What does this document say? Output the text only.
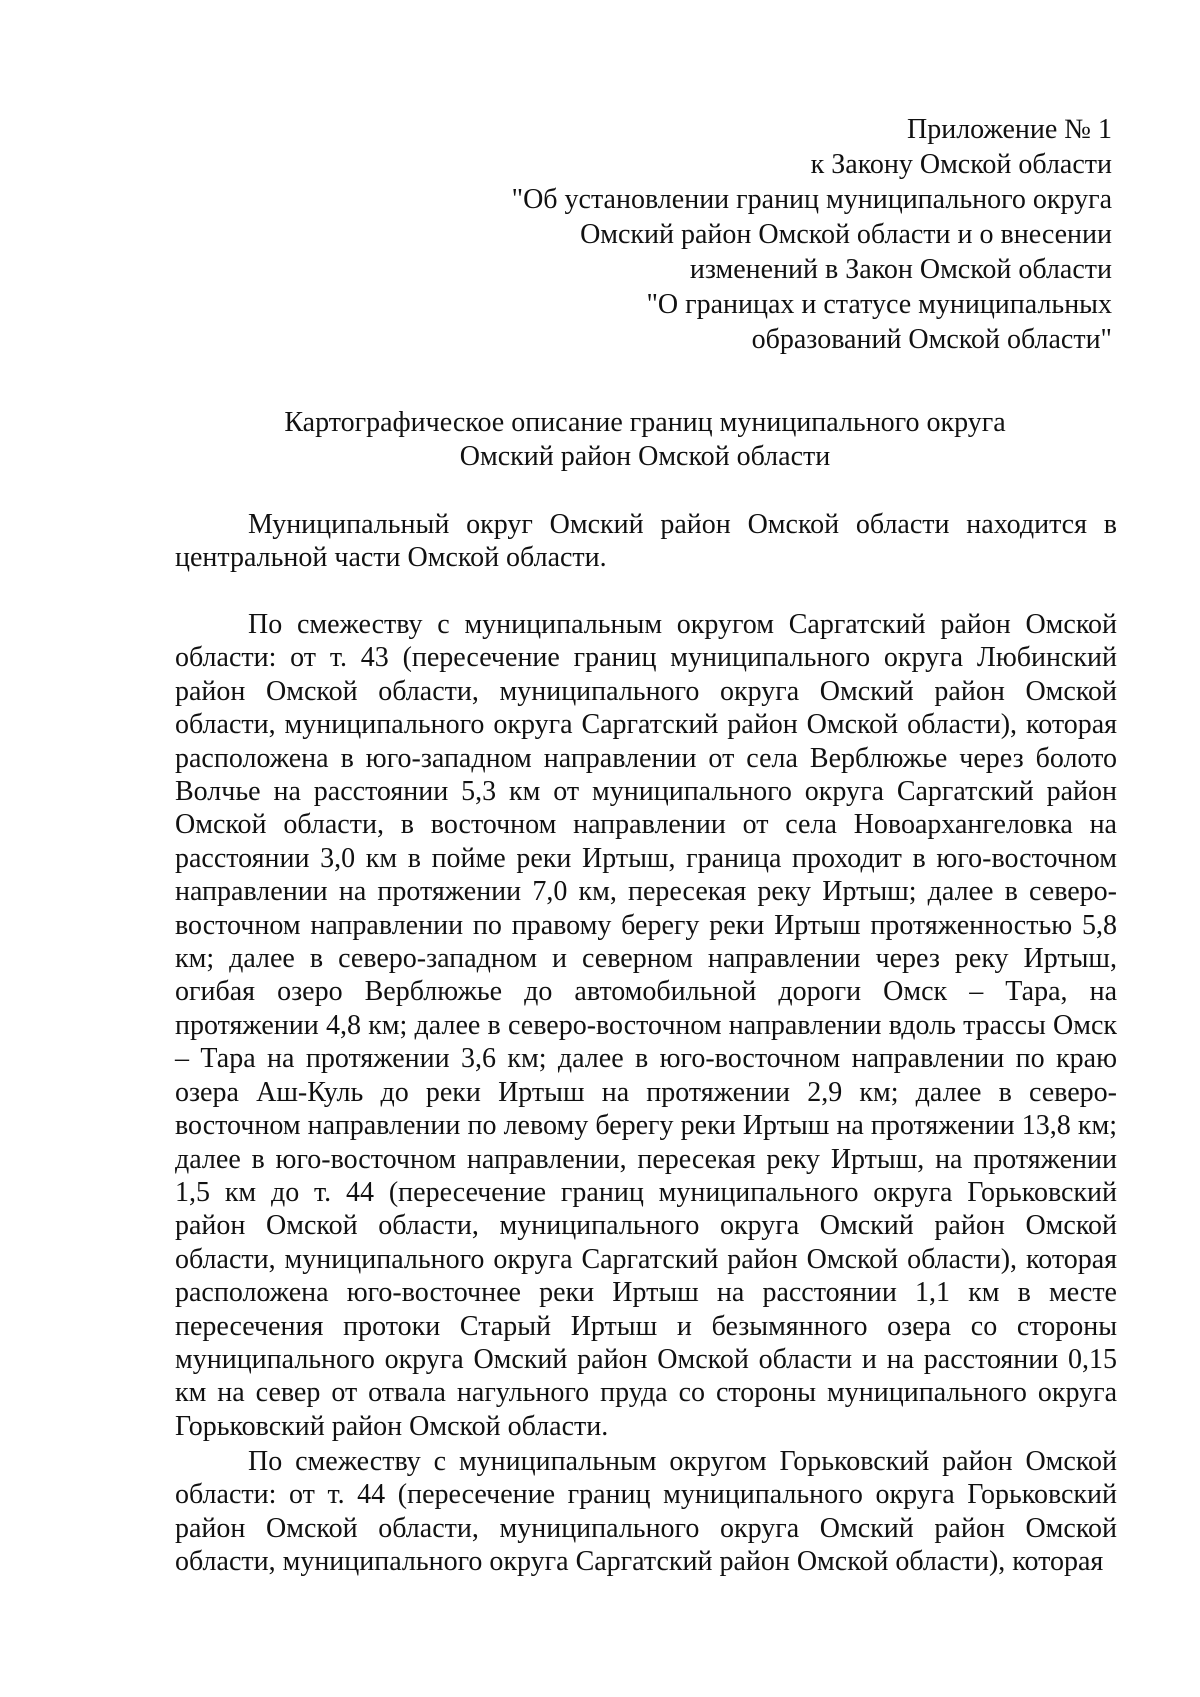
Приложение № 1
к Закону Омской области
"Об установлении границ муниципального округа
Омский район Омской области и о внесении
изменений в Закон Омской области
"О границах и статусе муниципальных
образований Омской области"
Картографическое описание границ муниципального округа
Омский район Омской области

Муниципальный округ Омский район Омской области находится в центральной части Омской области.

По смежеству с муниципальным округом Саргатский район Омской области: от т. 43 (пересечение границ муниципального округа Любинский район Омской области, муниципального округа Омский район Омской области, муниципального округа Саргатский район Омской области), которая расположена в юго-западном направлении от села Верблюжье через болото Волчье на расстоянии 5,3 км от муниципального округа Саргатский район Омской области, в восточном направлении от села Новоархангеловка на расстоянии 3,0 км в пойме реки Иртыш, граница проходит в юго-восточном направлении на протяжении 7,0 км, пересекая реку Иртыш; далее в северо-восточном направлении по правому берегу реки Иртыш протяженностью 5,8 км; далее в северо-западном и северном направлении через реку Иртыш, огибая озеро Верблюжье до автомобильной дороги Омск – Тара, на протяжении 4,8 км; далее в северо-восточном направлении вдоль трассы Омск – Тара на протяжении 3,6 км; далее в юго-восточном направлении по краю озера Аш-Куль до реки Иртыш на протяжении 2,9 км; далее в северо-восточном направлении по левому берегу реки Иртыш на протяжении 13,8 км; далее в юго-восточном направлении, пересекая реку Иртыш, на протяжении 1,5 км до т. 44 (пересечение границ муниципального округа Горьковский район Омской области, муниципального округа Омский район Омской области, муниципального округа Саргатский район Омской области), которая расположена юго-восточнее реки Иртыш на расстоянии 1,1 км в месте пересечения протоки Старый Иртыш и безымянного озера со стороны муниципального округа Омский район Омской области и на расстоянии 0,15 км на север от отвала нагульного пруда со стороны муниципального округа Горьковский район Омской области.

По смежеству с муниципальным округом Горьковский район Омской области: от т. 44 (пересечение границ муниципального округа Горьковский район Омской области, муниципального округа Омский район Омской области, муниципального округа Саргатский район Омской области), которая
